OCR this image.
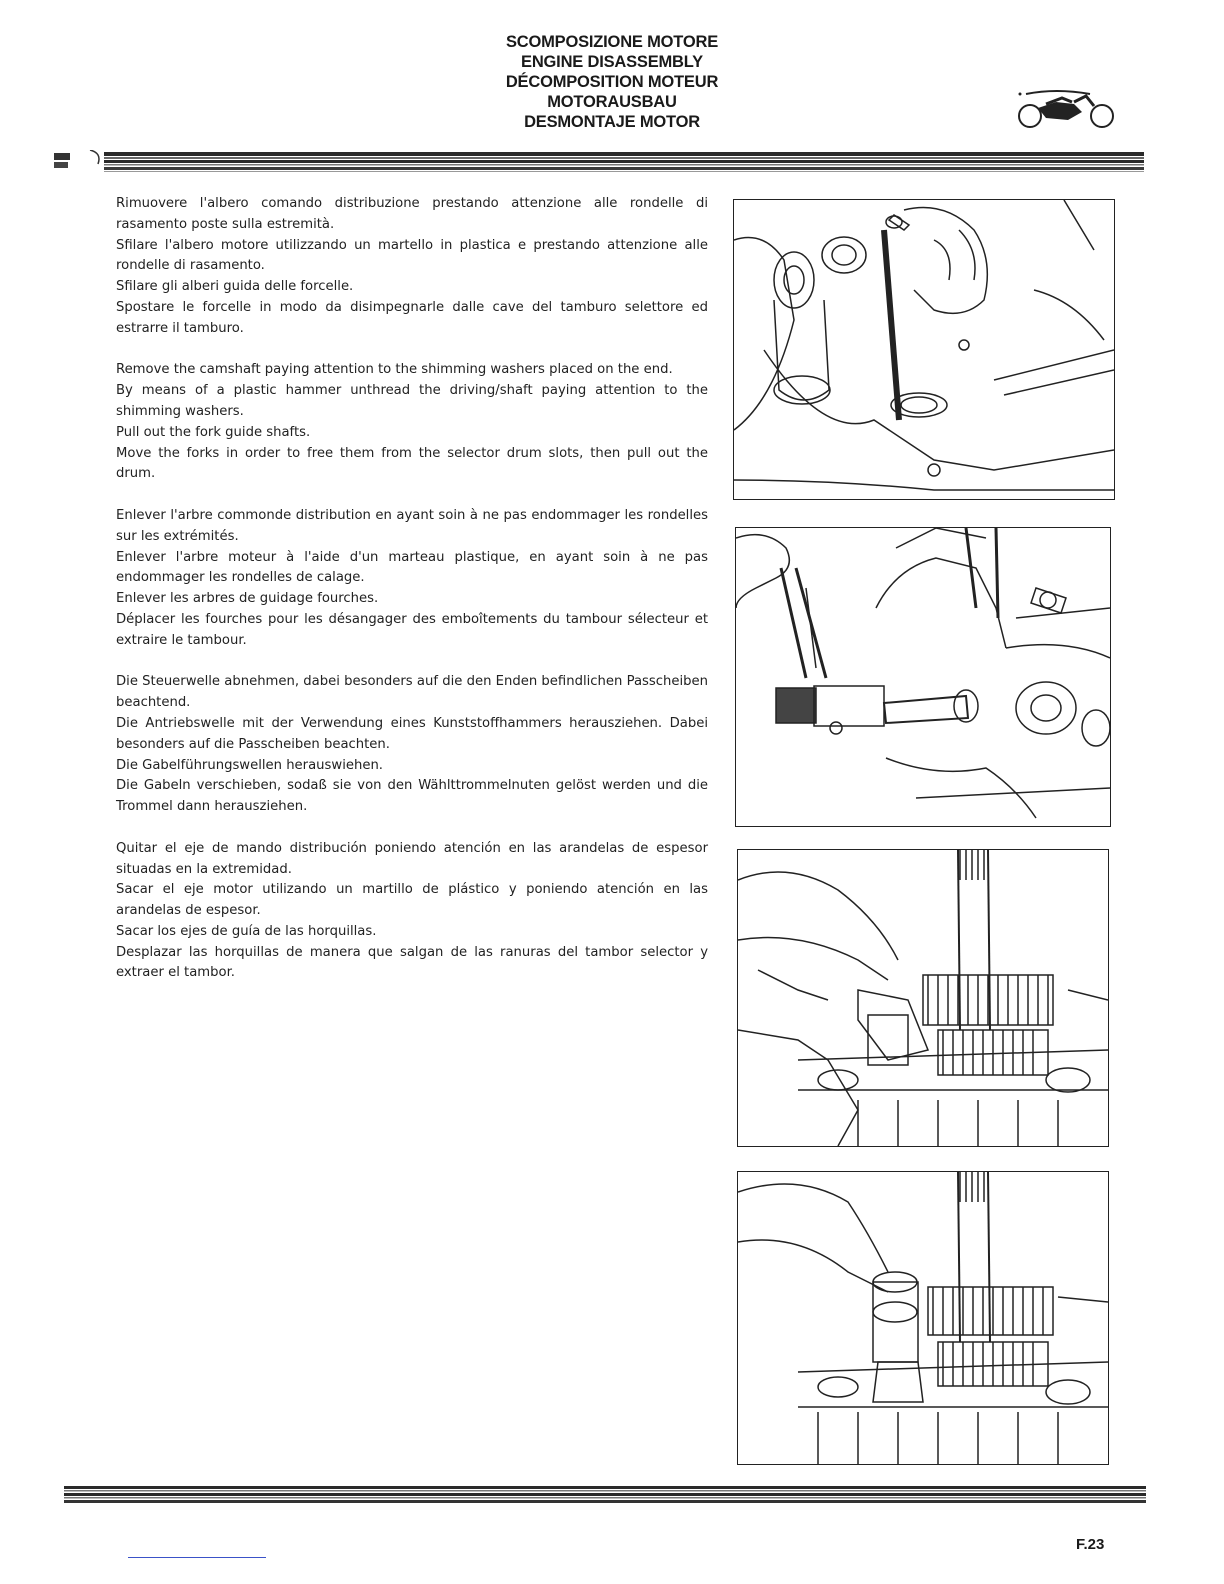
SCOMPOSIZIONE MOTORE
ENGINE DISASSEMBLY
DÉCOMPOSITION MOTEUR
MOTORAUSBAU
DESMONTAJE MOTOR
Rimuovere l'albero comando distribuzione prestando attenzione alle rondelle di rasamento poste sulla estremità.
Sfilare l'albero motore utilizzando un martello in plastica e prestando attenzione alle rondelle di rasamento.
Sfilare gli alberi guida delle forcelle.
Spostare le forcelle in modo da disimpegnarle dalle cave del tamburo selettore ed estrarre il tamburo.
Remove the camshaft paying attention to the shimming washers placed on the end.
By means of a plastic hammer unthread the driving/shaft paying attention to the shimming washers.
Pull out the fork guide shafts.
Move the forks in order to free them from the selector drum slots, then pull out the drum.
Enlever l'arbre commonde distribution en ayant soin à ne pas endommager les rondelles sur les extrémités.
Enlever l'arbre moteur à l'aide d'un marteau plastique, en ayant soin à ne pas endommager les rondelles de calage.
Enlever les arbres de guidage fourches.
Déplacer les fourches pour les désangager des emboîtements du tambour sélecteur et extraire le tambour.
Die Steuerwelle abnehmen, dabei besonders auf die den Enden befindlichen Passcheiben beachtend.
Die Antriebswelle mit der Verwendung eines Kunststoffhammers herausziehen. Dabei besonders auf die Passcheiben beachten.
Die Gabelführungswellen herauswiehen.
Die Gabeln verschieben, sodaß sie von den Wählttrommelnuten gelöst werden und die Trommel dann herausziehen.
Quitar el eje de mando distribución poniendo atención en las arandelas de espesor situadas en la extremidad.
Sacar el eje motor utilizando un martillo de plástico y poniendo atención en las arandelas de espesor.
Sacar los ejes de guía de las horquillas.
Desplazar las horquillas de manera que salgan de las ranuras del tambor selector y extraer el tambor.
F.23
